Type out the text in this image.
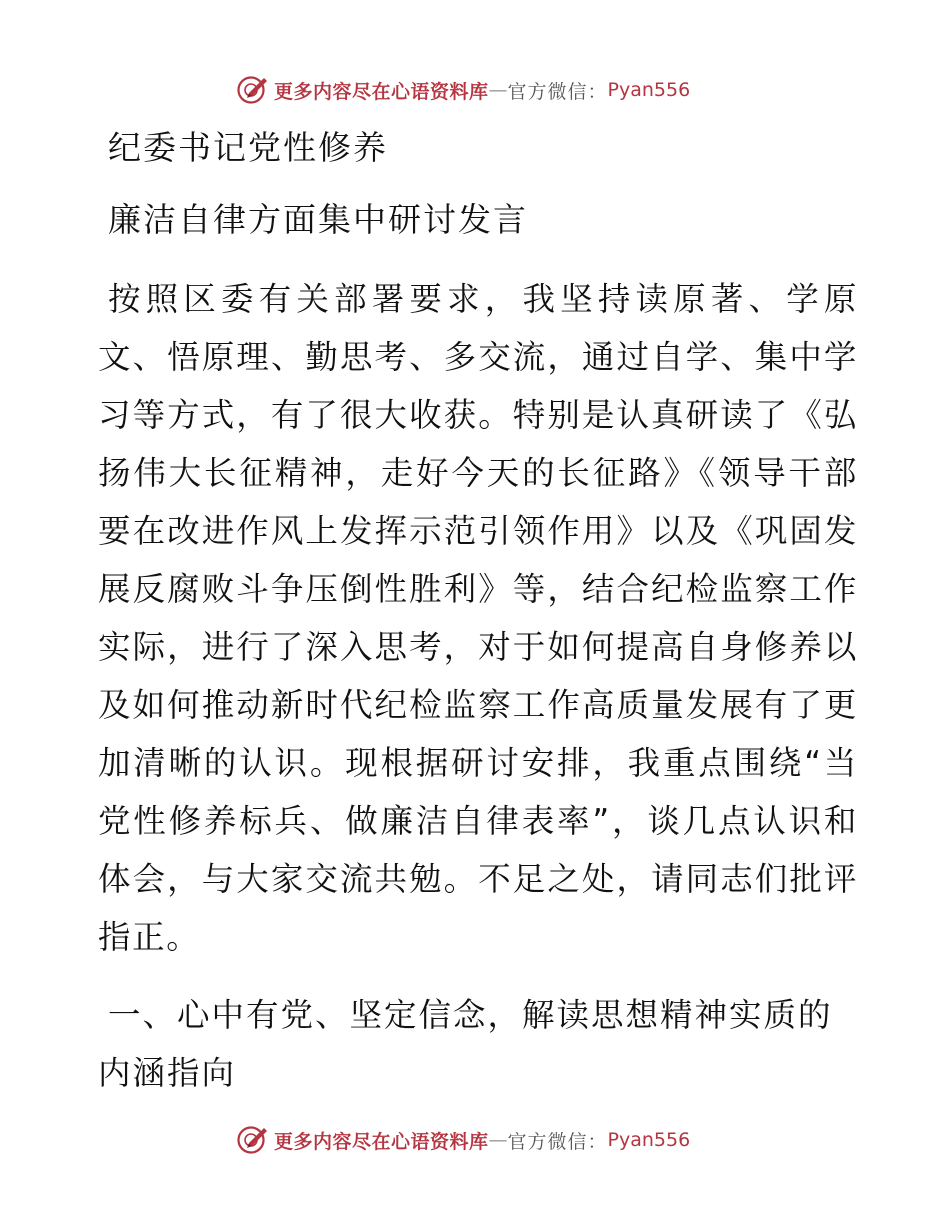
更多内容尽在心语资料库 — 官方微信： Pyan556
纪委书记党性修养
廉洁自律方面集中研讨发言

按照区委有关部署要求，我坚持读原著、学原文、悟原理、勤思考、多交流，通过自学、集中学习等方式，有了很大收获。特别是认真研读了《弘扬伟大长征精神，走好今天的长征路》《领导干部要在改进作风上发挥示范引领作用》以及《巩固发展反腐败斗争压倒性胜利》等，结合纪检监察工作实际，进行了深入思考，对于如何提高自身修养以及如何推动新时代纪检监察工作高质量发展有了更加清晰的认识。现根据研讨安排，我重点围绕“当党性修养标兵、做廉洁自律表率”，谈几点认识和体会，与大家交流共勉。不足之处，请同志们批评指正。

一、心中有党、坚定信念，解读思想精神实质的内涵指向

更多内容尽在心语资料库 — 官方微信： Pyan556
